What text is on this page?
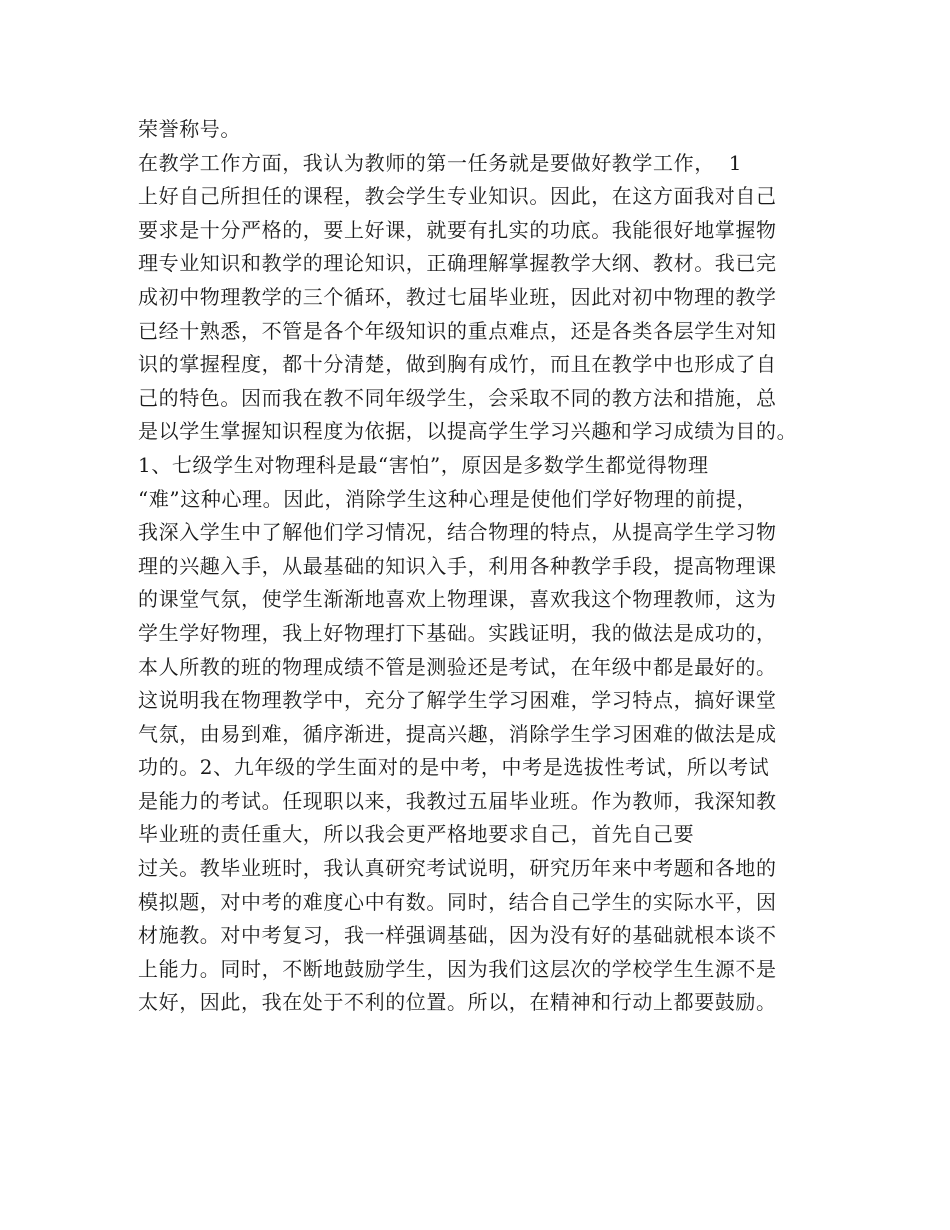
荣誉称号。
在教学工作方面，我认为教师的第一任务就是要做好教学工作，  1
上好自己所担任的课程，教会学生专业知识。因此，在这方面我对自己
要求是十分严格的，要上好课，就要有扎实的功底。我能很好地掌握物
理专业知识和教学的理论知识，正确理解掌握教学大纲、教材。我已完
成初中物理教学的三个循环，教过七届毕业班，因此对初中物理的教学
已经十熟悉，不管是各个年级知识的重点难点，还是各类各层学生对知
识的掌握程度，都十分清楚，做到胸有成竹，而且在教学中也形成了自
己的特色。因而我在教不同年级学生，会采取不同的教方法和措施，总
是以学生掌握知识程度为依据，以提高学生学习兴趣和学习成绩为目的。
1、七级学生对物理科是最“害怕”，原因是多数学生都觉得物理
“难”这种心理。因此，消除学生这种心理是使他们学好物理的前提，
我深入学生中了解他们学习情况，结合物理的特点，从提高学生学习物
理的兴趣入手，从最基础的知识入手，利用各种教学手段，提高物理课
的课堂气氛，使学生渐渐地喜欢上物理课，喜欢我这个物理教师，这为
学生学好物理，我上好物理打下基础。实践证明，我的做法是成功的，
本人所教的班的物理成绩不管是测验还是考试，在年级中都是最好的。
这说明我在物理教学中，充分了解学生学习困难，学习特点，搞好课堂
气氛，由易到难，循序渐进，提高兴趣，消除学生学习困难的做法是成
功的。2、九年级的学生面对的是中考，中考是选拔性考试，所以考试
是能力的考试。任现职以来，我教过五届毕业班。作为教师，我深知教
毕业班的责任重大，所以我会更严格地要求自己，首先自己要
过关。教毕业班时，我认真研究考试说明，研究历年来中考题和各地的
模拟题，对中考的难度心中有数。同时，结合自己学生的实际水平，因
材施教。对中考复习，我一样强调基础，因为没有好的基础就根本谈不
上能力。同时，不断地鼓励学生，因为我们这层次的学校学生生源不是
太好，因此，我在处于不利的位置。所以，在精神和行动上都要鼓励。
